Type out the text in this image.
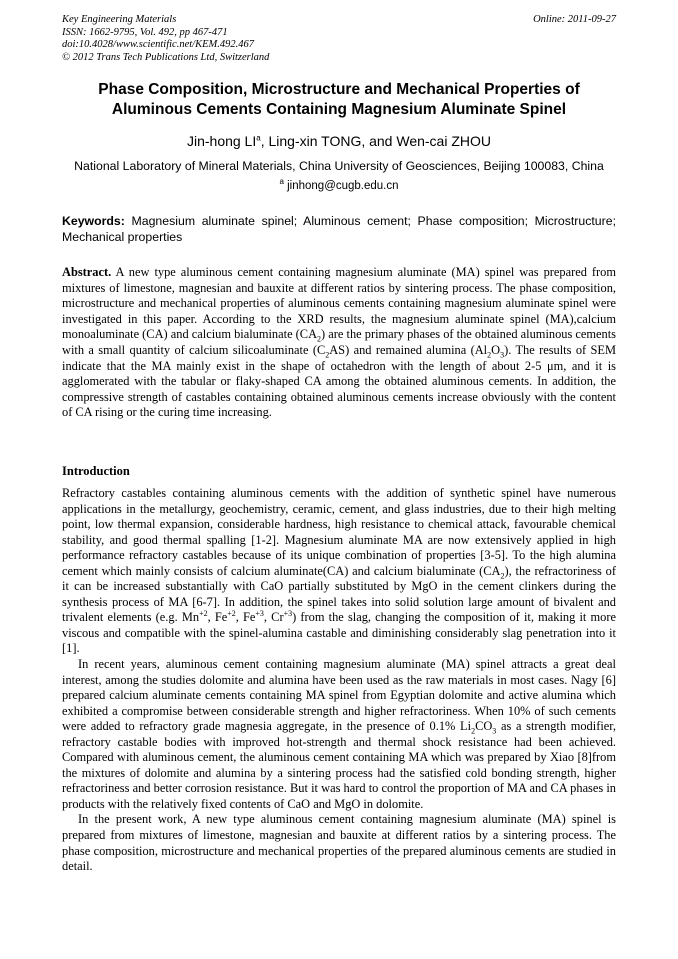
Key Engineering Materials
ISSN: 1662-9795, Vol. 492, pp 467-471
doi:10.4028/www.scientific.net/KEM.492.467
© 2012 Trans Tech Publications Ltd, Switzerland
Online: 2011-09-27
Phase Composition, Microstructure and Mechanical Properties of
Aluminous Cements Containing Magnesium Aluminate Spinel
Jin-hong $LI^a$, Ling-xin TONG, and Wen-cai ZHOU
National Laboratory of Mineral Materials, China University of Geosciences, Beijing 100083, China
$^a$ jinhong@cugb.edu.cn
Keywords: Magnesium aluminate spinel; Aluminous cement; Phase composition; Microstructure; Mechanical properties
Abstract. A new type aluminous cement containing magnesium aluminate (MA) spinel was prepared from mixtures of limestone, magnesian and bauxite at different ratios by sintering process. The phase composition, microstructure and mechanical properties of aluminous cements containing magnesium aluminate spinel were investigated in this paper. According to the XRD results, the magnesium aluminate spinel (MA),calcium monoaluminate (CA) and calcium bialuminate $(CA_2)$ are the primary phases of the obtained aluminous cements with a small quantity of calcium silicoaluminate $(C_2AS)$ and remained alumina $(Al_2O_3)$. The results of SEM indicate that the MA mainly exist in the shape of octahedron with the length of about 2-5 μm, and it is agglomerated with the tabular or flaky-shaped CA among the obtained aluminous cements. In addition, the compressive strength of castables containing obtained aluminous cements increase obviously with the content of CA rising or the curing time increasing.
Introduction

Refractory castables containing aluminous cements with the addition of synthetic spinel have numerous applications in the metallurgy, geochemistry, ceramic, cement, and glass industries, due to their high melting point, low thermal expansion, considerable hardness, high resistance to chemical attack, favourable chemical stability, and good thermal spalling [1-2]. Magnesium aluminate MA are now extensively applied in high performance refractory castables because of its unique combination of properties [3-5]. To the high alumina cement which mainly consists of calcium aluminate(CA) and calcium bialuminate $(CA_2)$, the refractoriness of it can be increased substantially with CaO partially substituted by MgO in the cement clinkers during the synthesis process of MA [6-7]. In addition, the spinel takes into solid solution large amount of bivalent and trivalent elements (e.g. $Mn^{+2}$, $Fe^{+2}$, $Fe^{+3}$, $Cr^{+3}$) from the slag, changing the composition of it, making it more viscous and compatible with the spinel-alumina castable and diminishing considerably slag penetration into it [1].

In recent years, aluminous cement containing magnesium aluminate (MA) spinel attracts a great deal interest, among the studies dolomite and alumina have been used as the raw materials in most cases. Nagy [6] prepared calcium aluminate cements containing MA spinel from Egyptian dolomite and active alumina which exhibited a compromise between considerable strength and higher refractoriness. When 10% of such cements were added to refractory grade magnesia aggregate, in the presence of 0.1% $Li_2CO_3$ as a strength modifier, refractory castable bodies with improved hot-strength and thermal shock resistance had been achieved. Compared with aluminous cement, the aluminous cement containing MA which was prepared by Xiao [8]from the mixtures of dolomite and alumina by a sintering process had the satisfied cold bonding strength, higher refractoriness and better corrosion resistance. But it was hard to control the proportion of MA and CA phases in products with the relatively fixed contents of CaO and MgO in dolomite.

In the present work, A new type aluminous cement containing magnesium aluminate (MA) spinel is prepared from mixtures of limestone, magnesian and bauxite at different ratios by a sintering process. The phase composition, microstructure and mechanical properties of the prepared aluminous cements are studied in detail.
